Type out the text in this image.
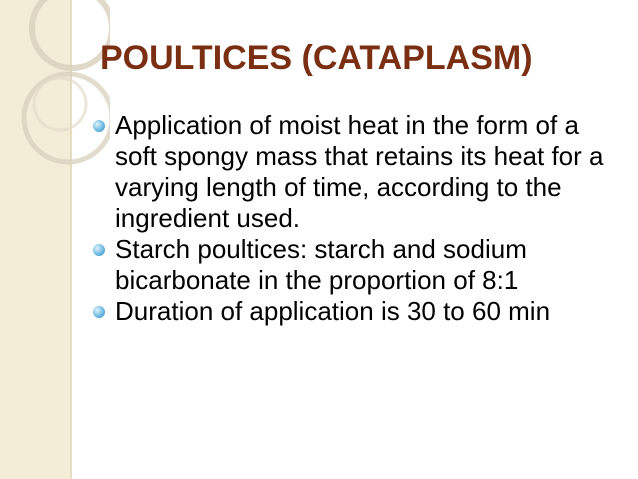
POULTICES (CATAPLASM)
Application of moist heat in the form of a soft spongy mass that retains its heat for a varying length of time, according to the ingredient used.
Starch poultices: starch and sodium bicarbonate in the proportion of 8:1
Duration of application is 30 to 60 min
